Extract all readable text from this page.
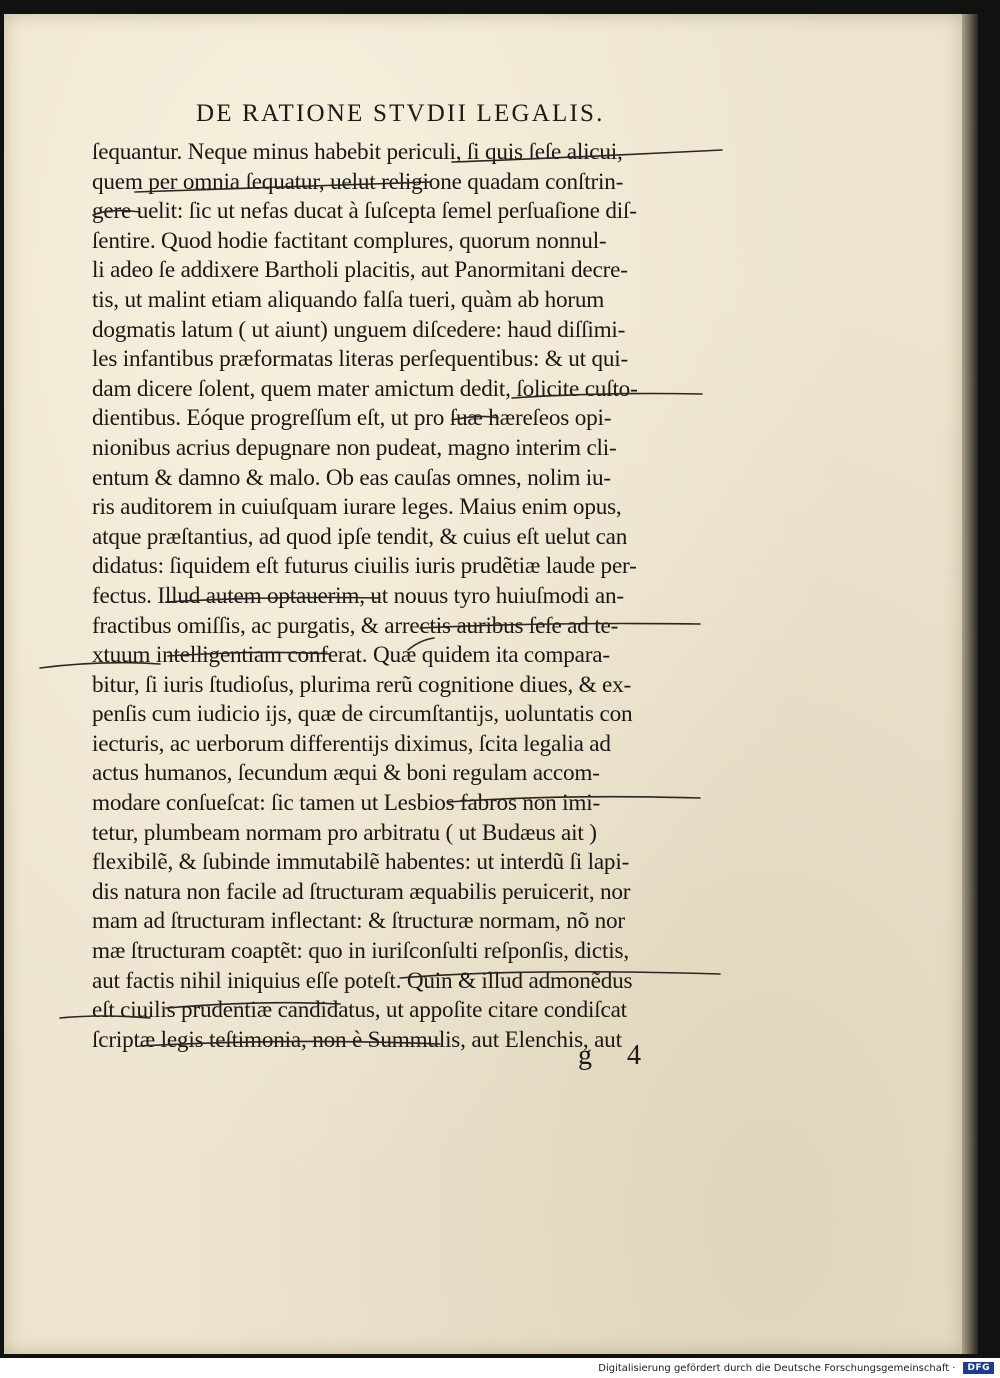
DE RATIONE STVDII LEGALIS.
ſequantur. Neque minus habebit periculi, ſi quis ſeſe alicui,
quem per omnia ſequatur, uelut religione quadam conſtrin-
gere uelit: ſic ut nefas ducat à ſuſcepta ſemel perſuaſione diſ-
ſentire. Quod hodie factitant complures, quorum nonnul-
li adeo ſe addixere Bartholi placitis, aut Panormitani decre-
tis, ut malint etiam aliquando falſa tueri, quàm ab horum
dogmatis latum ( ut aiunt) unguem diſcedere: haud diſſimi-
les infantibus præformatas literas perſequentibus: & ut qui-
dam dicere ſolent, quem mater amictum dedit, ſolicite cuſto-
dientibus. Eóque progreſſum eſt, ut pro ſuæ hæreſeos opi-
nionibus acrius depugnare non pudeat, magno interim cli-
entum & damno & malo. Ob eas cauſas omnes, nolim iu-
ris auditorem in cuiuſquam iurare leges. Maius enim opus,
atque præſtantius, ad quod ipſe tendit, & cuius eſt uelut can
didatus: ſiquidem eſt futurus ciuilis iuris prudẽtiæ laude per-
fectus. Illud autem optauerim, ut nouus tyro huiuſmodi an-
fractibus omiſſis, ac purgatis, & arrectis auribus ſeſe ad te-
xtuum intelligentiam conferat. Quæ quidem ita compara-
bitur, ſi iuris ſtudioſus, plurima rerũ cognitione diues, & ex-
penſis cum iudicio ijs, quæ de circumſtantijs, uoluntatis con
iecturis, ac uerborum differentijs diximus, ſcita legalia ad
actus humanos, ſecundum æqui & boni regulam accom-
modare conſueſcat: ſic tamen ut Lesbios fabros non imi-
tetur, plumbeam normam pro arbitratu ( ut Budæus ait )
flexibilẽ, & ſubinde immutabilẽ habentes: ut interdũ ſi lapi-
dis natura non facile ad ſtructuram æquabilis peruicerit, nor
mam ad ſtructuram inflectant: & ſtructuræ normam, nõ nor
mæ ſtructuram coaptẽt: quo in iuriſconſulti reſponſis, dictis,
aut factis nihil iniquius eſſe poteſt. Quin & illud admonẽdus
eſt ciuilis prudentiæ candidatus, ut appoſite citare condiſcat
ſcriptæ legis teſtimonia, non è Summulis, aut Elenchis, aut
g 4
Digitalisierung gefördert durch die Deutsche Forschungsgemeinschaft ·	DFG
